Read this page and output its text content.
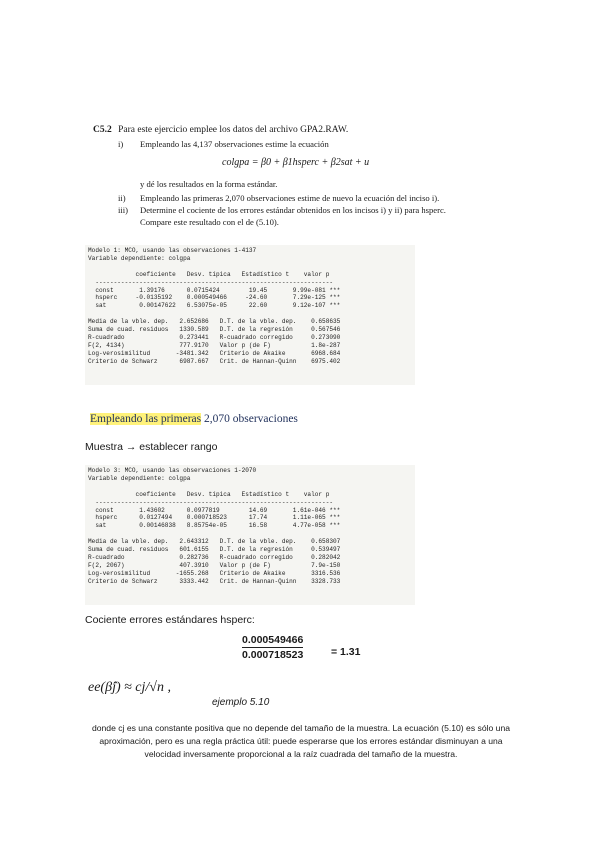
C5.2 Para este ejercicio emplee los datos del archivo GPA2.RAW.
i) Empleando las 4,137 observaciones estime la ecuación
colgpa = β0 + β1hsperc + β2sat + u
y dé los resultados en la forma estándar.
ii) Empleando las primeras 2,070 observaciones estime de nuevo la ecuación del inciso i).
iii) Determine el cociente de los errores estándar obtenidos en los incisos i) y ii) para hsperc.
Compare este resultado con el de (5.10).
Modelo 1: MCO, usando las observaciones 1-4137
Variable dependiente: colgpa

coeficiente   Desv. típica   Estadístico t    valor p
-----------------------------------------------------------------
const       1.39176      0.0715424        19.45       9.99e-081 ***
hsperc     -0.0135192    0.000549466     -24.60       7.29e-125 ***
sat         0.00147622   6.53075e-05      22.60       9.12e-107 ***

Media de la vble. dep.   2.652686   D.T. de la vble. dep.    0.658635
Suma de cuad. residuos   1330.589   D.T. de la regresión     0.567546
R-cuadrado               0.273441   R-cuadrado corregido     0.273090
F(2, 4134)               777.9170   Valor p (de F)           1.8e-287
Log-verosimilitud       -3481.342   Criterio de Akaike       6968.684
Criterio de Schwarz      6987.667   Crit. de Hannan-Quinn    6975.402
Empleando las primeras 2,070 observaciones
Muestra → establecer rango
Modelo 3: MCO, usando las observaciones 1-2070
Variable dependiente: colgpa

coeficiente   Desv. típica   Estadístico t    valor p
-----------------------------------------------------------------
const       1.43602      0.0977819        14.69       1.61e-046 ***
hsperc      0.0127494    0.000718523      17.74       1.11e-065 ***
sat         0.00146838   8.85754e-05      16.58       4.77e-058 ***

Media de la vble. dep.   2.643312   D.T. de la vble. dep.    0.658307
Suma de cuad. residuos   601.6155   D.T. de la regresión     0.539497
R-cuadrado               0.282736   R-cuadrado corregido     0.282042
F(2, 2067)               407.3910   Valor p (de F)           7.9e-150
Log-verosimilitud       -1655.268   Criterio de Akaike       3316.536
Criterio de Schwarz      3333.442   Crit. de Hannan-Quinn    3328.733
Cociente errores estándares hsperc:
0.000549466
0.000718523	= 1.31
ee(β̂j) ≈ cj/√n ,
ejemplo 5.10
donde cj es una constante positiva que no depende del tamaño de la muestra. La ecuación (5.10) es sólo una aproximación, pero es una regla práctica útil: puede esperarse que los errores estándar disminuyan a una velocidad inversamente proporcional a la raíz cuadrada del tamaño de la muestra.
